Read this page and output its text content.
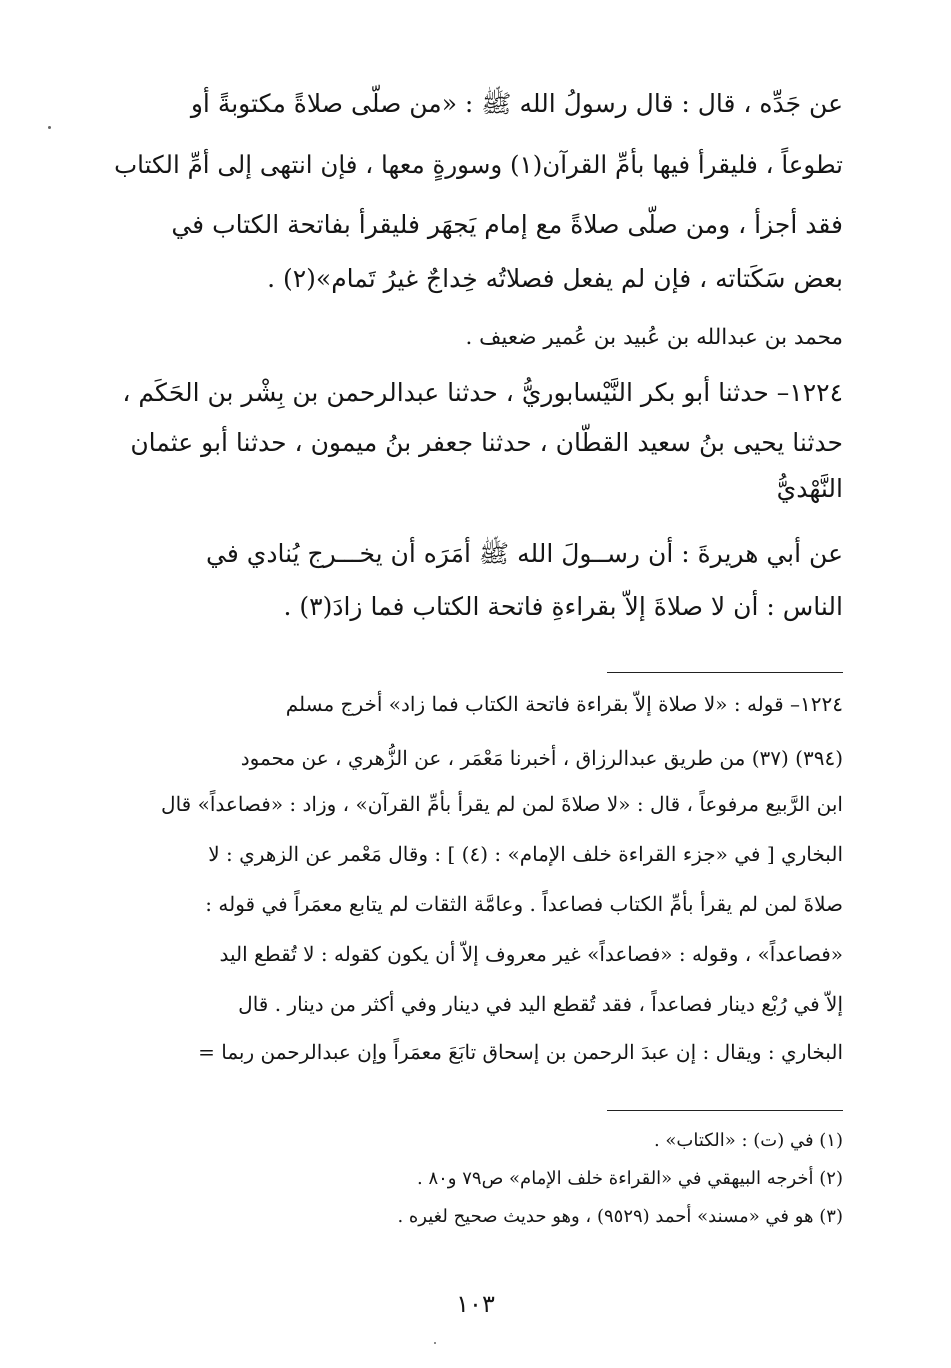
عن جَدِّه ، قال : قال رسولُ الله ﷺ : «من صلّى صلاةً مكتوبةً أو
تطوعاً ، فليقرأ فيها بأمِّ القرآن(١) وسورةٍ معها ، فإن انتهى إلى أمِّ الكتاب
فقد أجزأ ، ومن صلّى صلاةً مع إمام يَجهَر فليقرأ بفاتحة الكتاب في
بعض سَكَتاته ، فإن لم يفعل فصلاتُه خِداجٌ غيرُ تَمام»(٢) .
محمد بن عبدالله بن عُبيد بن عُمير ضعيف .
١٢٢٤– حدثنا أبو بكر النَّيْسابوريُّ ، حدثنا عبدالرحمن بن بِشْر بن الحَكَم ،
حدثنا يحيى بنُ سعيد القطّان ، حدثنا جعفر بنُ ميمون ، حدثنا أبو عثمان
النَّهْديُّ
عن أبي هريرةَ : أن رســولَ الله ﷺ أمَرَه أن يخـــرج يُنادي في
الناس : أن لا صلاةَ إلاّ بقراءةِ فاتحة الكتاب فما زادَ(٣) .
١٢٢٤– قوله : «لا صلاة إلاّ بقراءة فاتحة الكتاب فما زاد» أخرج مسلم
(٣٩٤) (٣٧) من طريق عبدالرزاق ، أخبرنا مَعْمَر ، عن الزُّهري ، عن محمود
ابن الرَّبيع مرفوعاً ، قال : «لا صلاةَ لمن لم يقرأ بأمِّ القرآن» ، وزاد : «فصاعداً» قال
البخاري [ في «جزء القراءة خلف الإمام» : (٤) ] : وقال مَعْمر عن الزهري : لا
صلاةَ لمن لم يقرأ بأمِّ الكتاب فصاعداً . وعامَّة الثقات لم يتابع معمَراً في قوله :
«فصاعداً» ، وقوله : «فصاعداً» غير معروف إلاّ أن يكون كقوله : لا تُقطع اليد
إلاّ في رُبْع دينار فصاعداً ، فقد تُقطع اليد في دينار وفي أكثر من دينار . قال
البخاري : ويقال : إن عبدَ الرحمن بن إسحاق تابَعَ معمَراً وإن عبدالرحمن ربما =
(١) في (ت) : «الكتاب» .
(٢) أخرجه البيهقي في «القراءة خلف الإمام» ص٧٩ و٨٠ .
(٣) هو في «مسند» أحمد (٩٥٢٩) ، وهو حديث صحيح لغيره .
١٠٣
